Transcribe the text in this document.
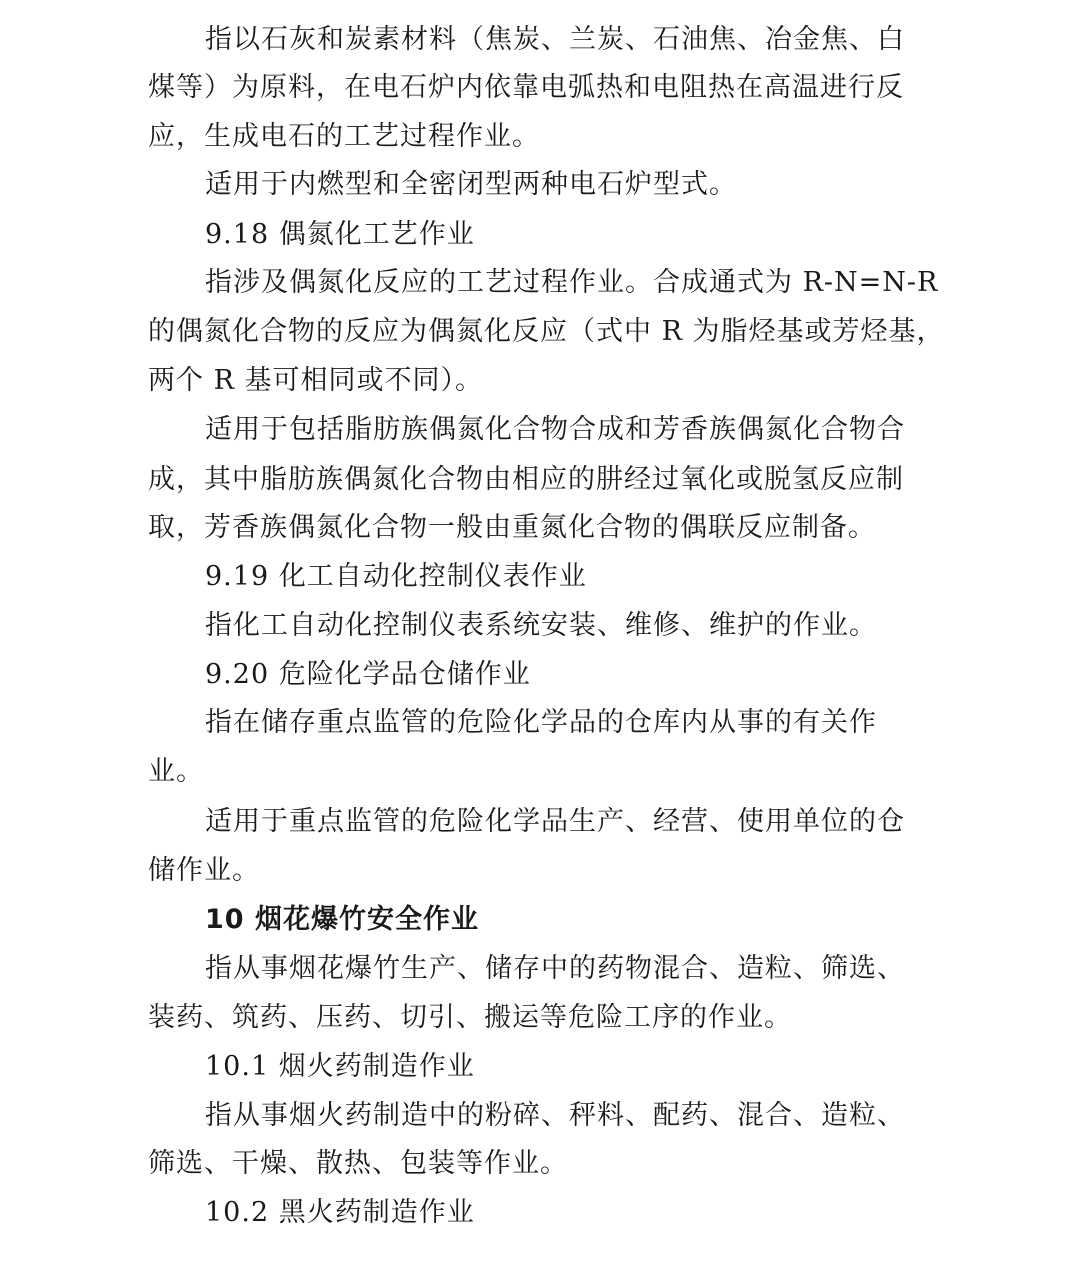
指以石灰和炭素材料（焦炭、兰炭、石油焦、冶金焦、白
煤等）为原料，在电石炉内依靠电弧热和电阻热在高温进行反
应，生成电石的工艺过程作业。
适用于内燃型和全密闭型两种电石炉型式。
9.18 偶氮化工艺作业
指涉及偶氮化反应的工艺过程作业。合成通式为 R-N=N-R
的偶氮化合物的反应为偶氮化反应（式中 R 为脂烃基或芳烃基，
两个 R 基可相同或不同）。
适用于包括脂肪族偶氮化合物合成和芳香族偶氮化合物合
成，其中脂肪族偶氮化合物由相应的肼经过氧化或脱氢反应制
取，芳香族偶氮化合物一般由重氮化合物的偶联反应制备。
9.19 化工自动化控制仪表作业
指化工自动化控制仪表系统安装、维修、维护的作业。
9.20 危险化学品仓储作业
指在储存重点监管的危险化学品的仓库内从事的有关作
业。
适用于重点监管的危险化学品生产、经营、使用单位的仓
储作业。
10 烟花爆竹安全作业
指从事烟花爆竹生产、储存中的药物混合、造粒、筛选、
装药、筑药、压药、切引、搬运等危险工序的作业。
10.1 烟火药制造作业
指从事烟火药制造中的粉碎、秤料、配药、混合、造粒、
筛选、干燥、散热、包装等作业。
10.2 黑火药制造作业
